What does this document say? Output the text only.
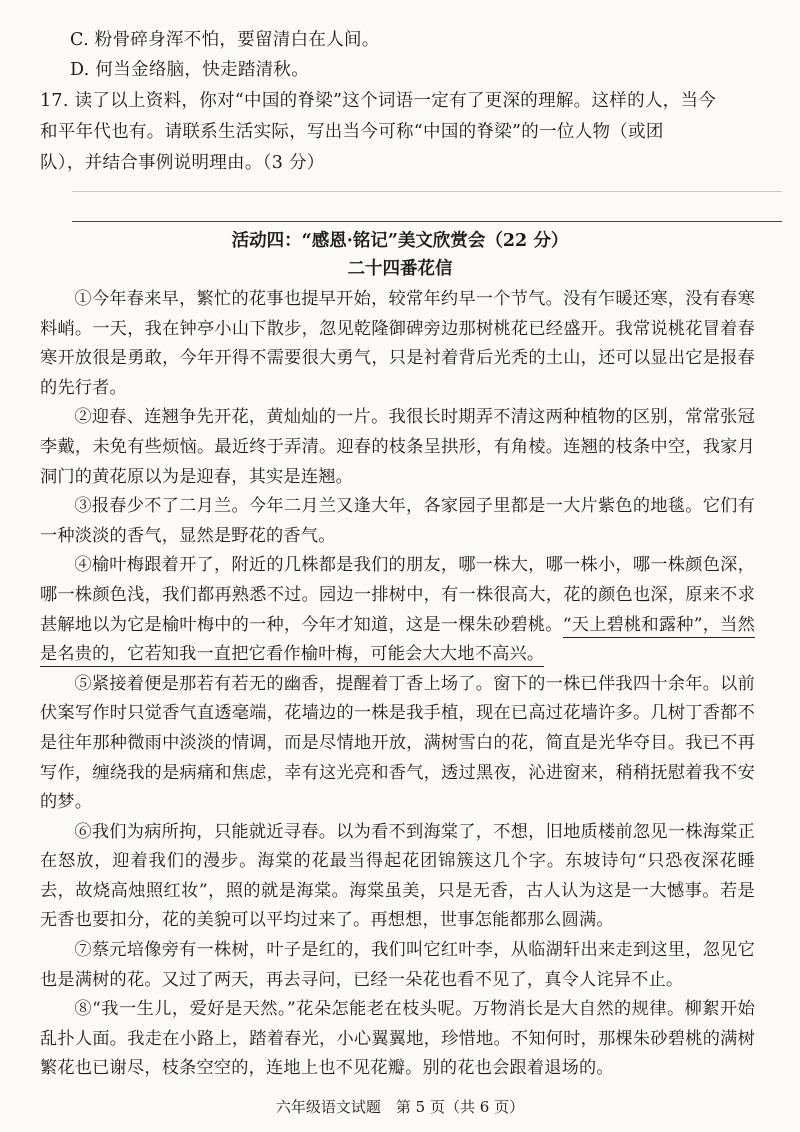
C. 粉骨碎身浑不怕，要留清白在人间。
D. 何当金络脑，快走踏清秋。
17. 读了以上资料，你对“中国的脊梁”这个词语一定有了更深的理解。这样的人，当今
和平年代也有。请联系生活实际，写出当今可称“中国的脊梁”的一位人物（或团
队），并结合事例说明理由。（3 分）
活动四：“感恩·铭记”美文欣赏会（22 分）
二十四番花信

①今年春来早，繁忙的花事也提早开始，较常年约早一个节气。没有乍暖还寒，没有春寒料峭。一天，我在钟亭小山下散步，忽见乾隆御碑旁边那树桃花已经盛开。我常说桃花冒着春寒开放很是勇敢，今年开得不需要很大勇气，只是衬着背后光秃的土山，还可以显出它是报春的先行者。

②迎春、连翘争先开花，黄灿灿的一片。我很长时期弄不清这两种植物的区别，常常张冠李戴，未免有些烦恼。最近终于弄清。迎春的枝条呈拱形，有角棱。连翘的枝条中空，我家月洞门的黄花原以为是迎春，其实是连翘。

③报春少不了二月兰。今年二月兰又逢大年，各家园子里都是一大片紫色的地毯。它们有一种淡淡的香气，显然是野花的香气。

④榆叶梅跟着开了，附近的几株都是我们的朋友，哪一株大，哪一株小，哪一株颜色深，哪一株颜色浅，我们都再熟悉不过。园边一排树中，有一株很高大，花的颜色也深，原来不求甚解地以为它是榆叶梅中的一种，今年才知道，这是一棵朱砂碧桃。“天上碧桃和露种”，当然是名贵的，它若知我一直把它看作榆叶梅，可能会大大地不高兴。

⑤紧接着便是那若有若无的幽香，提醒着丁香上场了。窗下的一株已伴我四十余年。以前伏案写作时只觉香气直透毫端，花墙边的一株是我手植，现在已高过花墙许多。几树丁香都不是往年那种微雨中淡淡的情调，而是尽情地开放，满树雪白的花，简直是光华夺目。我已不再写作，缠绕我的是病痛和焦虑，幸有这光亮和香气，透过黑夜，沁进窗来，稍稍抚慰着我不安的梦。

⑥我们为病所拘，只能就近寻春。以为看不到海棠了，不想，旧地质楼前忽见一株海棠正在怒放，迎着我们的漫步。海棠的花最当得起花团锦簇这几个字。东坡诗句“只恐夜深花睡去，故烧高烛照红妆”，照的就是海棠。海棠虽美，只是无香，古人认为这是一大憾事。若是无香也要扣分，花的美貌可以平均过来了。再想想，世事怎能都那么圆满。

⑦蔡元培像旁有一株树，叶子是红的，我们叫它红叶李，从临湖轩出来走到这里，忽见它也是满树的花。又过了两天，再去寻问，已经一朵花也看不见了，真令人诧异不止。

⑧“我一生儿，爱好是天然。”花朵怎能老在枝头呢。万物消长是大自然的规律。柳絮开始乱扑人面。我走在小路上，踏着春光，小心翼翼地，珍惜地。不知何时，那棵朱砂碧桃的满树繁花也已谢尽，枝条空空的，连地上也不见花瓣。别的花也会跟着退场的。

六年级语文试题　第 5 页（共 6 页）
